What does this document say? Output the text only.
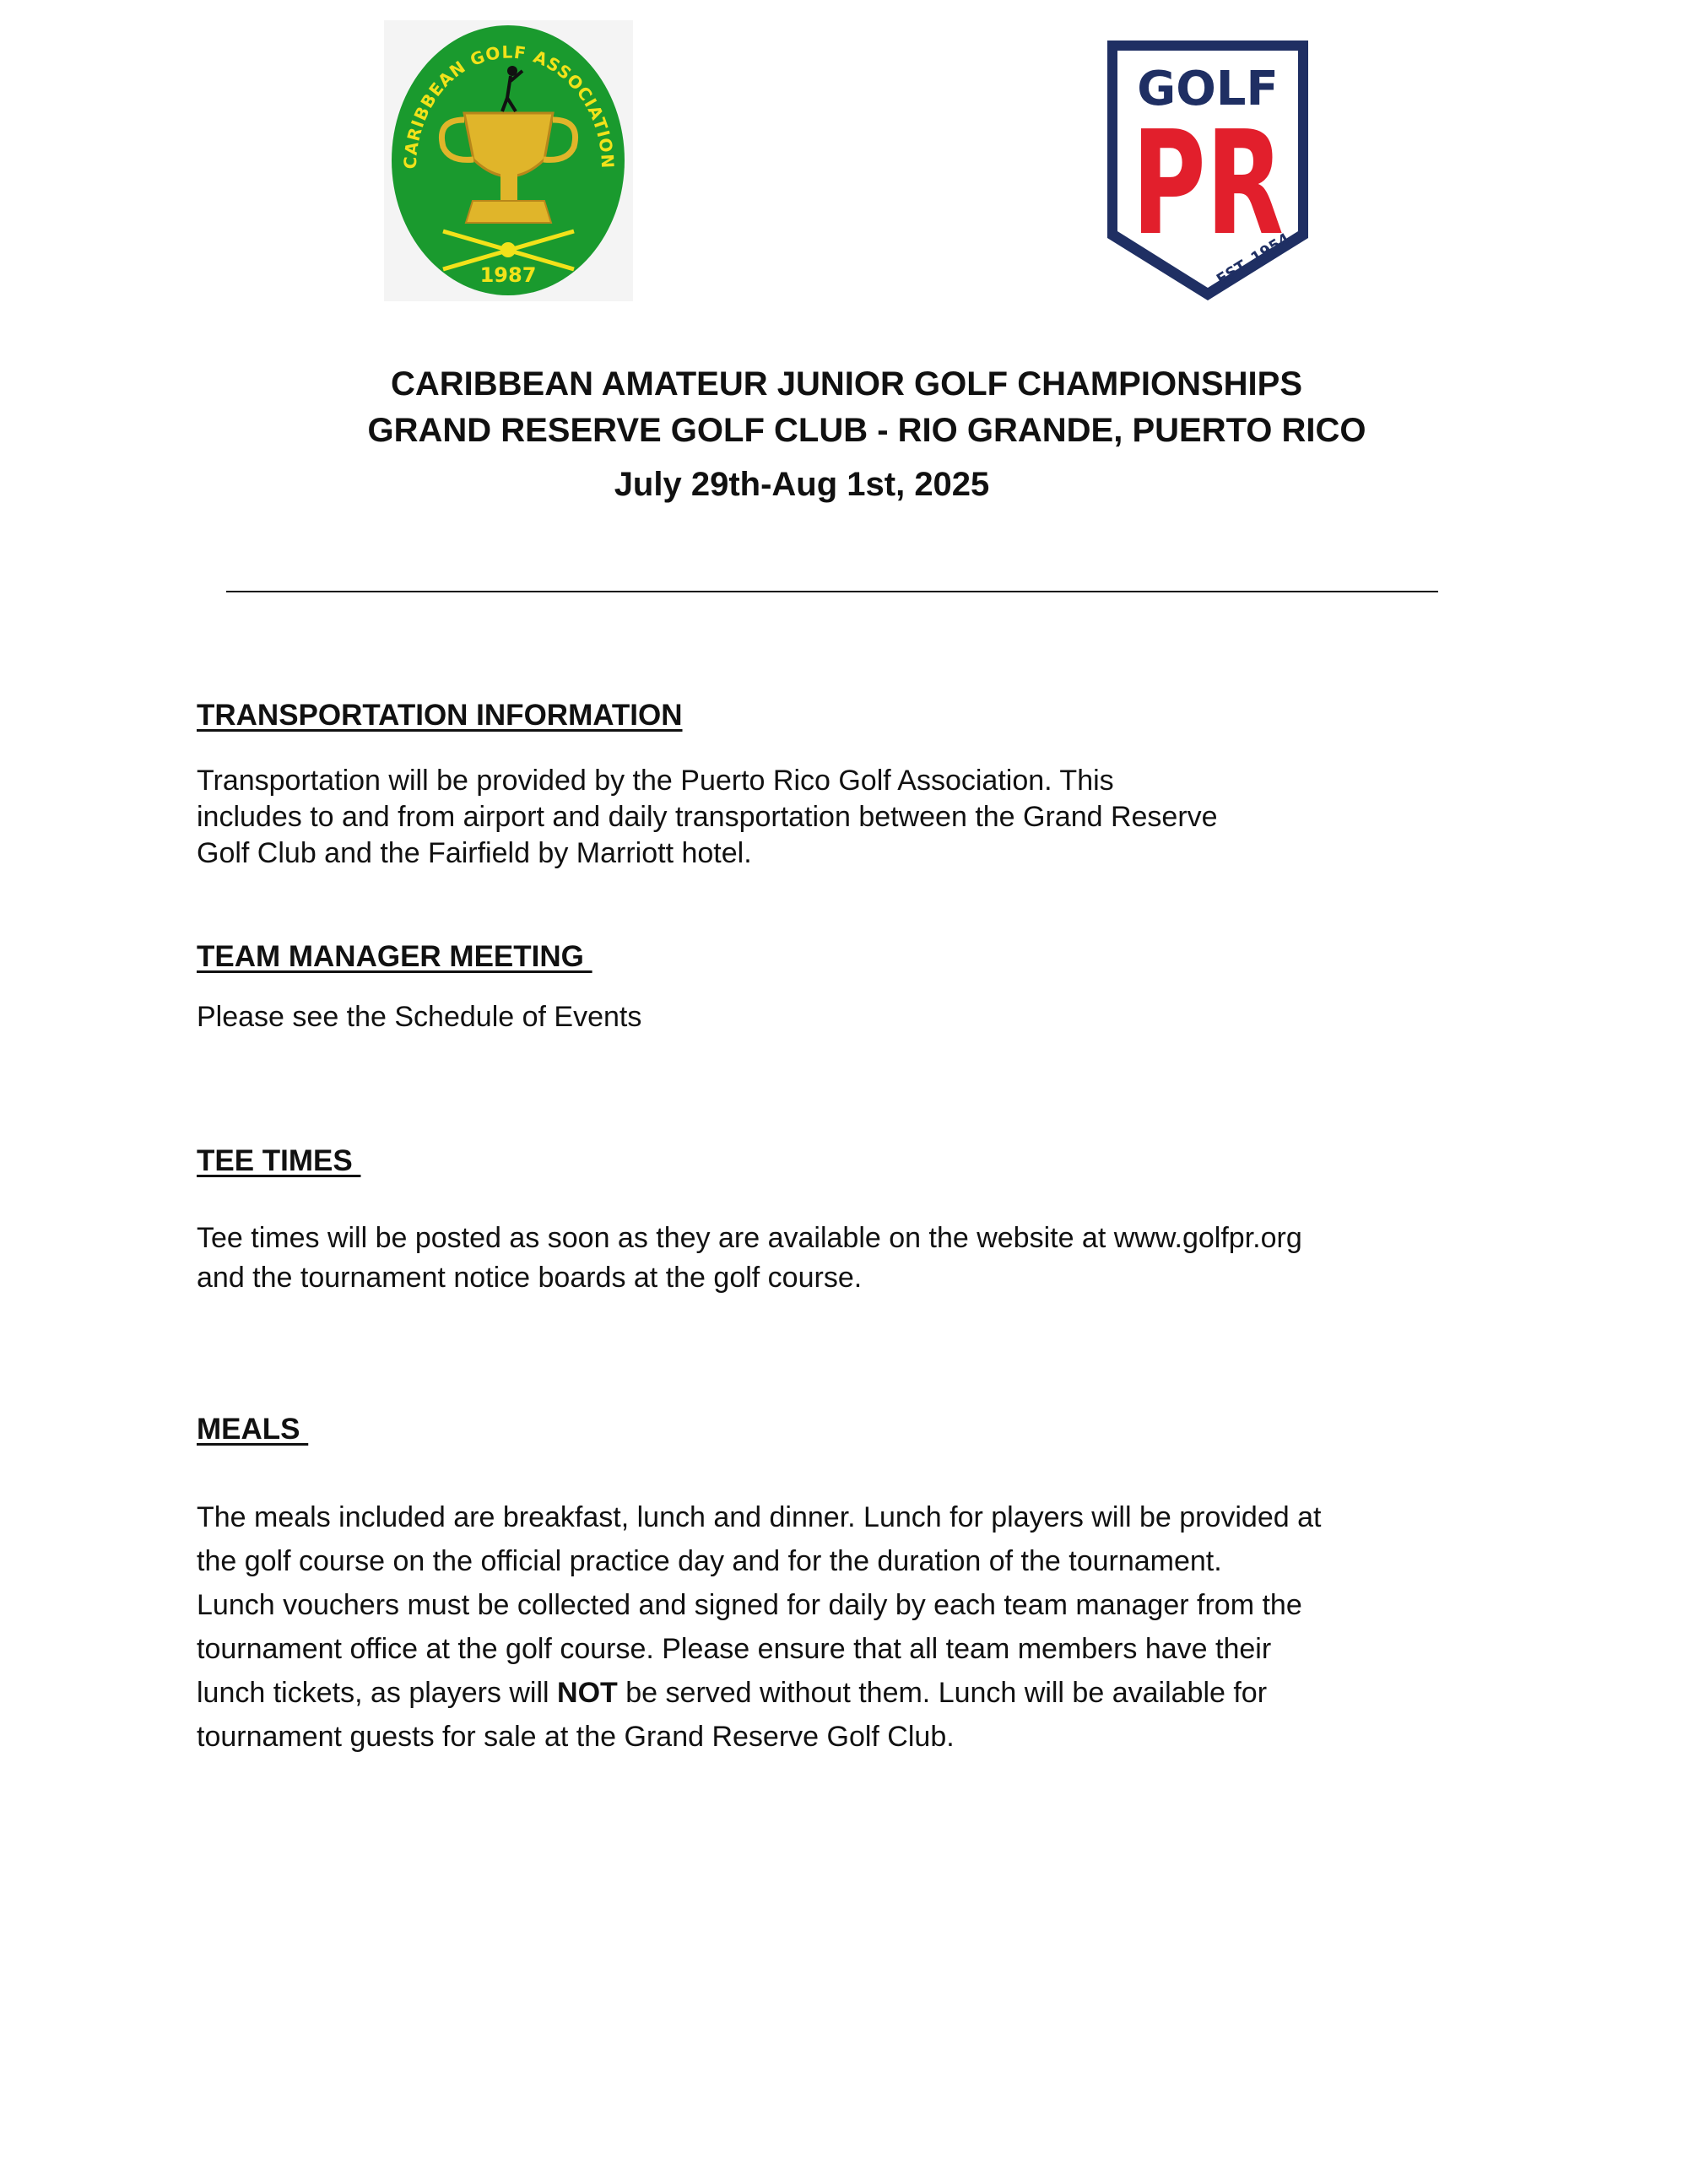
CARIBBEAN GOLF ASSOCIATION
1987
GOLF
PR
EST. 1954
CARIBBEAN AMATEUR JUNIOR GOLF CHAMPIONSHIPS
GRAND RESERVE GOLF CLUB - RIO GRANDE, PUERTO RICO
July 29th-Aug 1st, 2025
TRANSPORTATION INFORMATION
Transportation will be provided by the Puerto Rico Golf Association. This
includes to and from airport and daily transportation between the Grand Reserve
Golf Club and the Fairfield by Marriott hotel.
TEAM MANAGER MEETING
Please see the Schedule of Events
TEE TIMES
Tee times will be posted as soon as they are available on the website at www.golfpr.org
and the tournament notice boards at the golf course.
MEALS
The meals included are breakfast, lunch and dinner. Lunch for players will be provided at
the golf course on the official practice day and for the duration of the tournament.
Lunch vouchers must be collected and signed for daily by each team manager from the
tournament office at the golf course. Please ensure that all team members have their
lunch tickets, as players will NOT be served without them. Lunch will be available for
tournament guests for sale at the Grand Reserve Golf Club.
